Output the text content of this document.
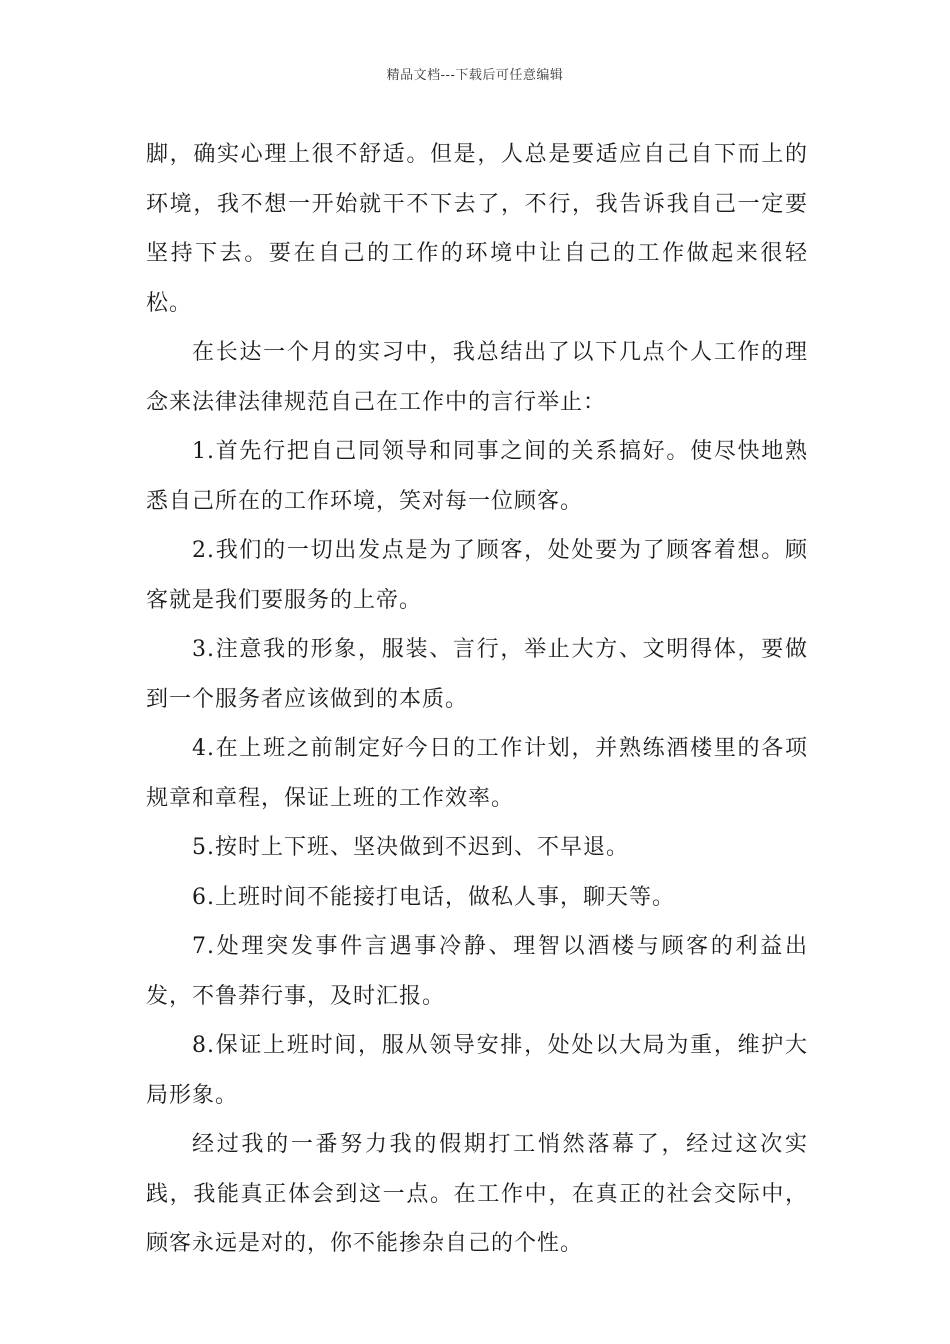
精品文档---下载后可任意编辑

脚，确实心理上很不舒适。但是，人总是要适应自己自下而上的环境，我不想一开始就干不下去了，不行，我告诉我自己一定要坚持下去。要在自己的工作的环境中让自己的工作做起来很轻松。

在长达一个月的实习中，我总结出了以下几点个人工作的理念来法律法律规范自己在工作中的言行举止：

1.首先行把自己同领导和同事之间的关系搞好。使尽快地熟悉自己所在的工作环境，笑对每一位顾客。

2.我们的一切出发点是为了顾客，处处要为了顾客着想。顾客就是我们要服务的上帝。

3.注意我的形象，服装、言行，举止大方、文明得体，要做到一个服务者应该做到的本质。

4.在上班之前制定好今日的工作计划，并熟练酒楼里的各项规章和章程，保证上班的工作效率。

5.按时上下班、坚决做到不迟到、不早退。

6.上班时间不能接打电话，做私人事，聊天等。

7.处理突发事件言遇事冷静、理智以酒楼与顾客的利益出发，不鲁莽行事，及时汇报。

8.保证上班时间，服从领导安排，处处以大局为重，维护大局形象。

经过我的一番努力我的假期打工悄然落幕了，经过这次实践，我能真正体会到这一点。在工作中，在真正的社会交际中，顾客永远是对的，你不能掺杂自己的个性。
